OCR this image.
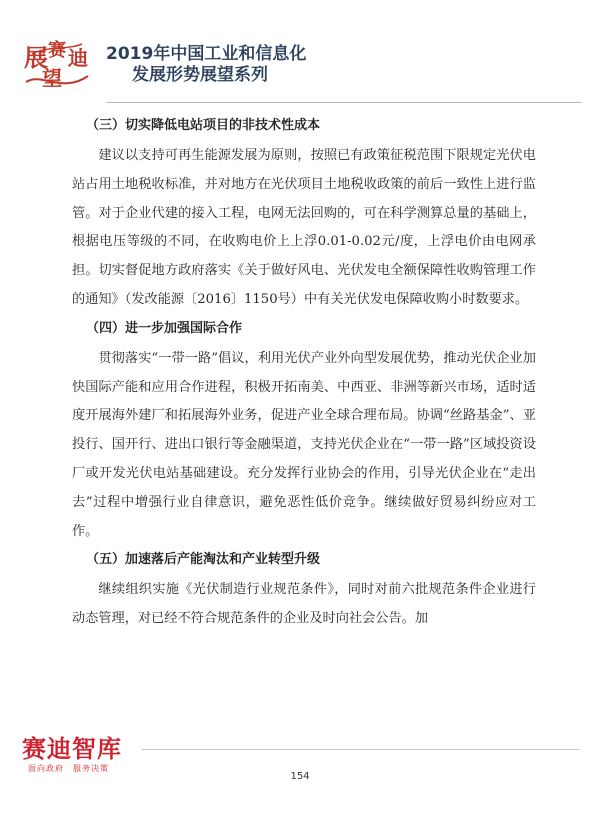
展 赛 迪
望
2019年中国工业和信息化
发展形势展望系列

（三）切实降低电站项目的非技术性成本

建议以支持可再生能源发展为原则，按照已有政策征税范围下限规定光伏电站占用土地税收标准，并对地方在光伏项目土地税收政策的前后一致性上进行监管。对于企业代建的接入工程，电网无法回购的，可在科学测算总量的基础上，根据电压等级的不同，在收购电价上上浮0.01-0.02元/度，上浮电价由电网承担。切实督促地方政府落实《关于做好风电、光伏发电全额保障性收购管理工作的通知》（发改能源〔2016〕1150号）中有关光伏发电保障收购小时数要求。

（四）进一步加强国际合作

贯彻落实“一带一路”倡议，利用光伏产业外向型发展优势，推动光伏企业加快国际产能和应用合作进程，积极开拓南美、中西亚、非洲等新兴市场，适时适度开展海外建厂和拓展海外业务，促进产业全球合理布局。协调“丝路基金”、亚投行、国开行、进出口银行等金融渠道，支持光伏企业在“一带一路”区域投资设厂或开发光伏电站基础建设。充分发挥行业协会的作用，引导光伏企业在“走出去”过程中增强行业自律意识，避免恶性低价竞争。继续做好贸易纠纷应对工作。

（五）加速落后产能淘汰和产业转型升级

继续组织实施《光伏制造行业规范条件》，同时对前六批规范条件企业进行动态管理，对已经不符合规范条件的企业及时向社会公告。加

赛迪智库
面向政府　服务决策
154
